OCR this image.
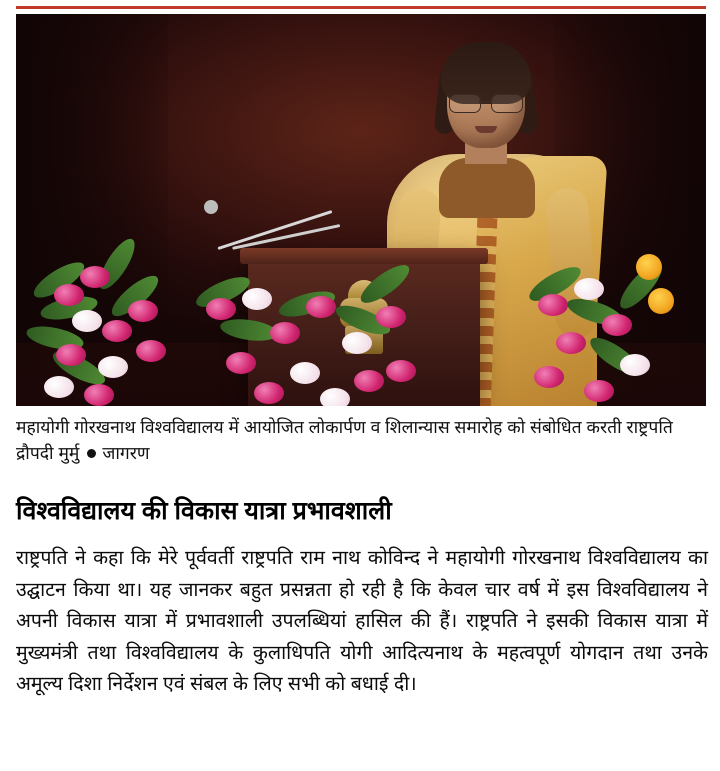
महायोगी गोरखनाथ विश्वविद्यालय में आयोजित लोकार्पण व शिलान्यास समारोह को संबोधित करती राष्ट्रपति द्रौपदी मुर्मु जागरण
विश्वविद्यालय की विकास यात्रा प्रभावशाली

राष्ट्रपति ने कहा कि मेरे पूर्ववर्ती राष्ट्रपति राम नाथ कोविन्द ने महायोगी गोरखनाथ विश्वविद्यालय का उद्घाटन किया था। यह जानकर बहुत प्रसन्नता हो रही है कि केवल चार वर्ष में इस विश्वविद्यालय ने अपनी विकास यात्रा में प्रभावशाली उपलब्धियां हासिल की हैं। राष्ट्रपति ने इसकी विकास यात्रा में मुख्यमंत्री तथा विश्वविद्यालय के कुलाधिपति योगी आदित्यनाथ के महत्वपूर्ण योगदान तथा उनके अमूल्य दिशा निर्देशन एवं संबल के लिए सभी को बधाई दी।
